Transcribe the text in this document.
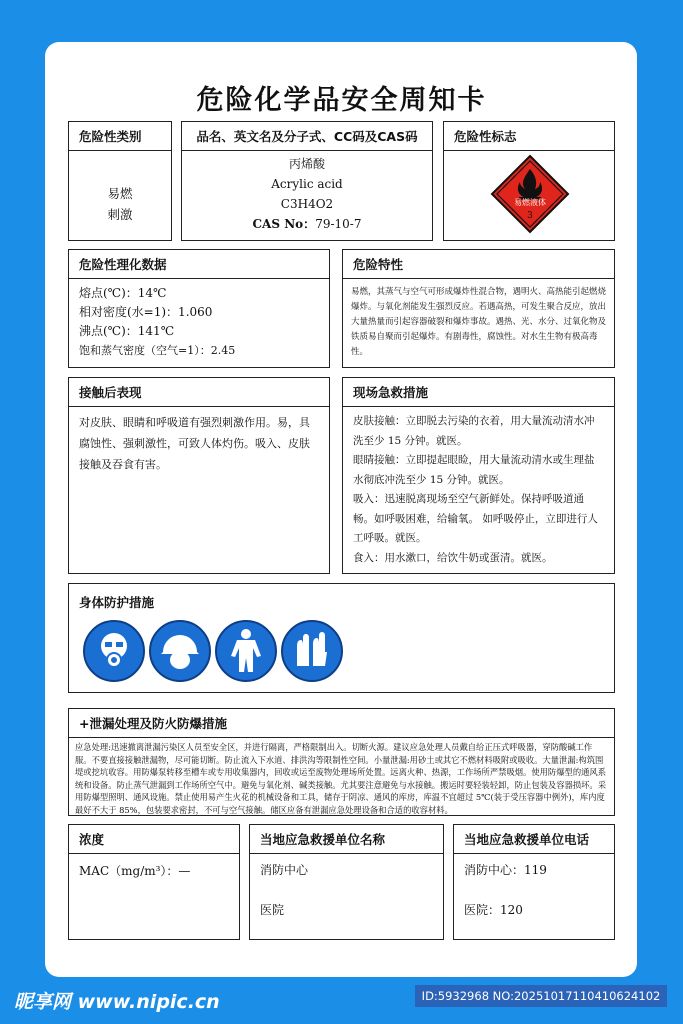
危险化学品安全周知卡
危险性类别
易燃
刺激
品名、英文名及分子式、CC码及CAS码
丙烯酸
Acrylic acid
C3H4O2
CAS No：79-10-7
危险性标志
易燃液体
3
危险性理化数据
熔点(℃)：14℃
相对密度(水=1)：1.060
沸点(℃)：141℃
饱和蒸气密度（空气=1）：2.45
危险特性
易燃，其蒸气与空气可形成爆炸性混合物，遇明火、高热能引起燃烧爆炸。与氧化剂能发生强烈反应。若遇高热，可发生聚合反应，放出大量热量而引起容器破裂和爆炸事故。遇热、光、水分、过氧化物及铁质易自聚而引起爆炸。有剧毒性，腐蚀性。对水生生物有极高毒性。
接触后表现
对皮肤、眼睛和呼吸道有强烈刺激作用。易，具腐蚀性、强刺激性，可致人体灼伤。吸入、皮肤接触及吞食有害。
现场急救措施
皮肤接触：立即脱去污染的衣着，用大量流动清水冲洗至少 15 分钟。就医。
眼睛接触：立即提起眼睑，用大量流动清水或生理盐水彻底冲洗至少 15 分钟。就医。
吸入：迅速脱离现场至空气新鲜处。保持呼吸道通畅。如呼吸困难，给输氧。 如呼吸停止，立即进行人工呼吸。就医。
食入：用水漱口，给饮牛奶或蛋清。就医。
身体防护措施
+泄漏处理及防火防爆措施
应急处理:迅速撤离泄漏污染区人员至安全区，并进行隔离，严格限制出入。切断火源。建议应急处理人员戴自给正压式呼吸器，穿防酸碱工作服。不要直接接触泄漏物，尽可能切断。防止流入下水道、排洪沟等限制性空间。小量泄漏:用砂土或其它不燃材料吸附或吸收。大量泄漏:构筑围堤或挖坑收容。用防爆泵转移至槽车或专用收集器内，回收或运至废物处理场所处置。远离火种、热源，工作场所严禁吸烟。使用防爆型的通风系统和设备。防止蒸气泄漏到工作场所空气中。避免与氧化剂、碱类接触。尤其要注意避免与水接触。搬运时要轻装轻卸，防止包装及容器损坏。采用防爆型照明、通风设施。禁止使用易产生火花的机械设备和工具，储存于阴凉、通风的库房，库温不宜超过 5℃(装于受压容器中例外)，库内度最好不大于 85%，包装要求密封，不可与空气接触。储区应备有泄漏应急处理设备和合适的收容材料。
浓度
MAC（mg/m³）：—
当地应急救援单位名称
消防中心
医院
当地应急救援单位电话
消防中心：119
医院：120
昵享网 www.nipic.cn	ID:5932968 NO:20251017110410624102
